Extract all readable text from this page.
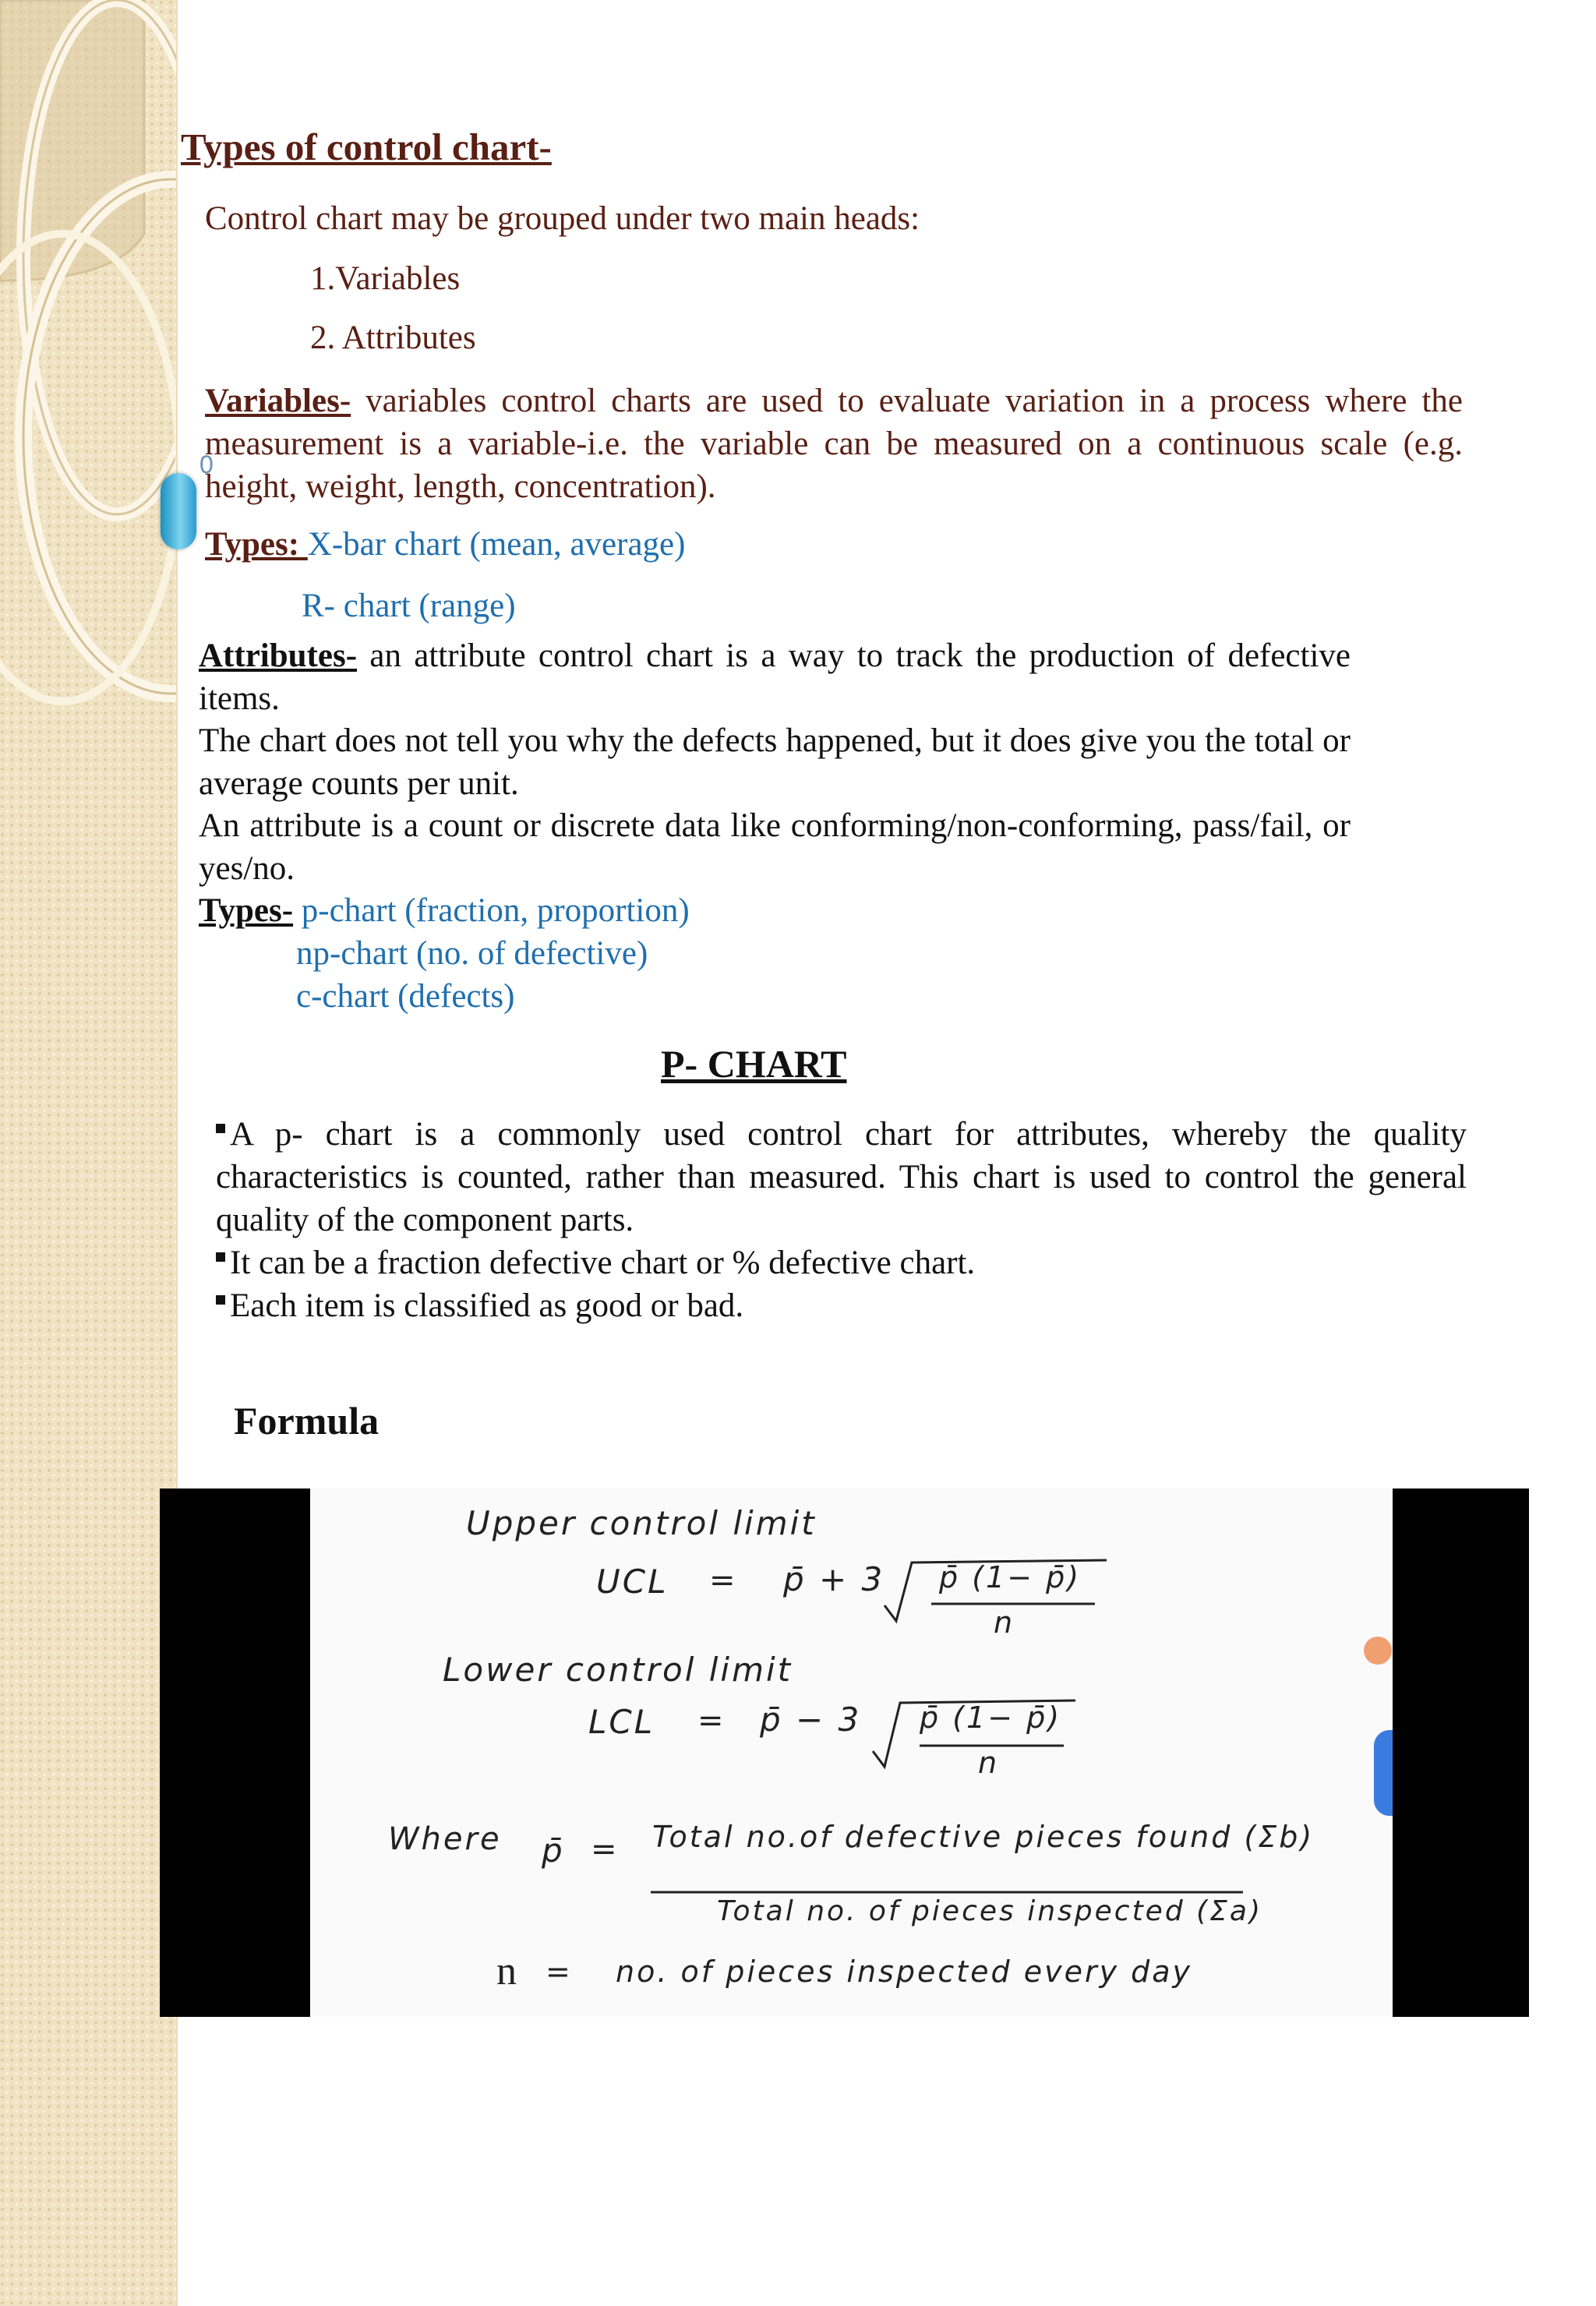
0
Types of control chart-

Control chart may be grouped under two main heads:

1.Variables

2. Attributes

Variables- variables control charts are used to evaluate variation in a process where the measurement is a variable-i.e. the variable can be measured on a continuous scale (e.g. height, weight, length, concentration).

Types: X-bar chart (mean, average)

R- chart (range)

Attributes- an attribute control chart is a way to track the production of defective items.

The chart does not tell you why the defects happened, but it does give you the total or average counts per unit.

An attribute is a count or discrete data like conforming/non-conforming, pass/fail, or yes/no.

Types- p-chart (fraction, proportion)

np-chart (no. of defective)

c-chart (defects)

P- CHART
A p- chart is a commonly used control chart for attributes, whereby the quality characteristics is counted, rather than measured. This chart is used to control the general quality of the component parts.
It can be a fraction defective chart or % defective chart.
Each item is classified as good or bad.

Formula

Upper control limit

UCL = p̄ + 3 p̄ (1− p̄)

n

Lower control limit

LCL = p̄ − 3 p̄ (1− p̄)

n

Where p̄ = Total no.of defective pieces found (Σb)

Total no. of pieces inspected (Σa)

n = no. of pieces inspected every day
